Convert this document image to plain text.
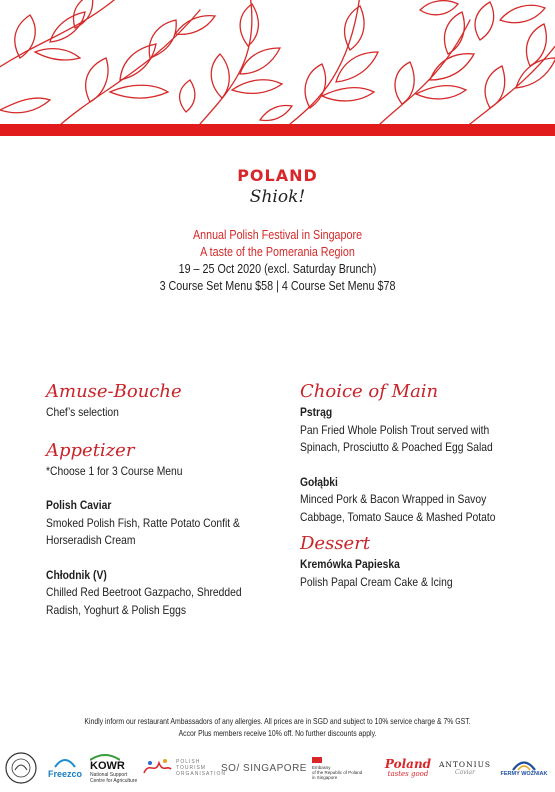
POLAND
Shiok!
Annual Polish Festival in Singapore
A taste of the Pomerania Region
19 – 25 Oct 2020 (excl. Saturday Brunch)
3 Course Set Menu $58 | 4 Course Set Menu $78
Amuse-Bouche
Chef’s selection
Appetizer
*Choose 1 for 3 Course Menu
Polish Caviar
Smoked Polish Fish, Ratte Potato Confit &
Horseradish Cream
Chłodnik (V)
Chilled Red Beetroot Gazpacho, Shredded
Radish, Yoghurt & Polish Eggs
Choice of Main
Pstrąg
Pan Fried Whole Polish Trout served with
Spinach, Prosciutto & Poached Egg Salad
Gołąbki
Minced Pork & Bacon Wrapped in Savoy
Cabbage, Tomato Sauce & Mashed Potato
Dessert
Kremówka Papieska
Polish Papal Cream Cake & Icing
Kindly inform our restaurant Ambassadors of any allergies. All prices are in SGD and subject to 10% service charge & 7% GST.
Accor Plus members receive 10% off. No further discounts apply.
Freezco
KOWR
National Support
Centre for Agriculture
POLISH
TOURISM
ORGANISATION
SO/ SINGAPORE Embassy
of the Republic of Poland
in Singapore
Poland
tastes good
ANTONIUS
Caviar	FERMY WOŹNIAK
